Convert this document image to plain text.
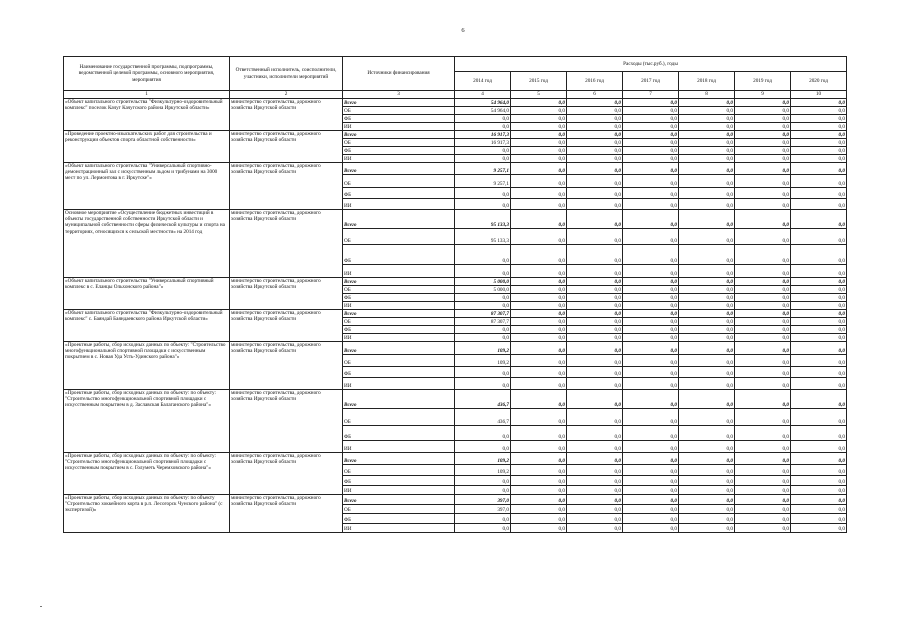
6
Наименование государственной программы, подпрограммы, ведомственной целевой программы, основного мероприятия, мероприятия	Ответственный исполнитель, соисполнители, участники, исполнители мероприятий	Источники финансирования	Расходы (тыс.руб.), годы						
			2014 год	2015 год	2016 год	2017 год	2018 год	2019 год	2020 год
1	2	3	4	5	6	7	8	9	10
«Объект капитального строительства "Физкультурно-оздоровительный комплекс" поселок Качуг Качугского района Иркутской области»	министерство строительства, дорожного хозяйства Иркутской области	Всего	54 964,0	0,0	0,0	0,0	0,0	0,0	0,0
		ОБ	54 964,0	0,0	0,0	0,0	0,0	0,0	0,0
		ФБ	0,0	0,0	0,0	0,0	0,0	0,0	0,0
		ИИ	0,0	0,0	0,0	0,0	0,0	0,0	0,0
«Проведение проектно-изыскательских работ для строительства и реконструкции объектов спорта областной собственности»	министерство строительства, дорожного хозяйства Иркутской области	Всего	16 917,3	0,0	0,0	0,0	0,0	0,0	0,0
		ОБ	16 917,3	0,0	0,0	0,0	0,0	0,0	0,0
		ФБ	0,0	0,0	0,0	0,0	0,0	0,0	0,0
		ИИ	0,0	0,0	0,0	0,0	0,0	0,0	0,0
«Объект капитального строительства "Универсальный спортивно-демонстрационный зал с искусственным льдом и трибунами на 3000 мест по ул. Лермонтова в г. Иркутске"»	министерство строительства, дорожного хозяйства Иркутской области	Всего	9 257,1	0,0	0,0	0,0	0,0	0,0	0,0
		ОБ	9 257,1	0,0	0,0	0,0	0,0	0,0	0,0
		ФБ	0,0	0,0	0,0	0,0	0,0	0,0	0,0
		ИИ	0,0	0,0	0,0	0,0	0,0	0,0	0,0
Основное мероприятие «Осуществление бюджетных инвестиций в объекты государственной собственности Иркутской области и муниципальной собственности сферы физической культуры и спорта на территориях, относящихся к сельской местности» на 2014 год	министерство строительства, дорожного хозяйства Иркутской области	Всего	95 133,3	0,0	0,0	0,0	0,0	0,0	0,0
		ОБ	95 133,3	0,0	0,0	0,0	0,0	0,0	0,0
		ФБ	0,0	0,0	0,0	0,0	0,0	0,0	0,0
		ИИ	0,0	0,0	0,0	0,0	0,0	0,0	0,0
«Объект капитального строительства "Универсальный спортивный комплекс в с. Еланцы Ольхонского района"»	министерство строительства, дорожного хозяйства Иркутской области	Всего	5 000,0	0,0	0,0	0,0	0,0	0,0	0,0
		ОБ	5 000,0	0,0	0,0	0,0	0,0	0,0	0,0
		ФБ	0,0	0,0	0,0	0,0	0,0	0,0	0,0
		ИИ	0,0	0,0	0,0	0,0	0,0	0,0	0,0
«Объект капитального строительства "Физкультурно-оздоровительный комплекс" с. Баяндай Баяндаевского района Иркутской области»	министерство строительства, дорожного хозяйства Иркутской области	Всего	87 307,7	0,0	0,0	0,0	0,0	0,0	0,0
		ОБ	87 307,7	0,0	0,0	0,0	0,0	0,0	0,0
		ФБ	0,0	0,0	0,0	0,0	0,0	0,0	0,0
		ИИ	0,0	0,0	0,0	0,0	0,0	0,0	0,0
«Проектные работы, сбор исходных данных по объекту: "Строительство многофункциональной спортивной площадки с искусственным покрытием в с. Новая Уда Усть-Удинского района"»	министерство строительства, дорожного хозяйства Иркутской области	Всего	109,2	0,0	0,0	0,0	0,0	0,0	0,0
		ОБ	109,2	0,0	0,0	0,0	0,0	0,0	0,0
		ФБ	0,0	0,0	0,0	0,0	0,0	0,0	0,0
		ИИ	0,0	0,0	0,0	0,0	0,0	0,0	0,0
«Проектные работы, сбор исходных данных по объекту: по объекту: "Строительство многофункциональной спортивной площадки с искусственным покрытием в д. Заславская Балаганского района"»	министерство строительства, дорожного хозяйства Иркутской области	Всего	436,7	0,0	0,0	0,0	0,0	0,0	0,0
		ОБ	436,7	0,0	0,0	0,0	0,0	0,0	0,0
		ФБ	0,0	0,0	0,0	0,0	0,0	0,0	0,0
		ИИ	0,0	0,0	0,0	0,0	0,0	0,0	0,0
«Проектные работы, сбор исходных данных по объекту: по объекту: "Строительство многофункциональной спортивной площадки с искусственным покрытием в с. Голуметь Черемховского района"»	министерство строительства, дорожного хозяйства Иркутской области	Всего	109,2	0,0	0,0	0,0	0,0	0,0	0,0
		ОБ	109,2	0,0	0,0	0,0	0,0	0,0	0,0
		ФБ	0,0	0,0	0,0	0,0	0,0	0,0	0,0
		ИИ	0,0	0,0	0,0	0,0	0,0	0,0	0,0
«Проектные работы, сбор исходных данных по объекту: по объекту "Строительство хоккейного корта в р.п. Лесогорск Чунского района" (с экспертизой)»	министерство строительства, дорожного хозяйства Иркутской области	Всего	397,0	0,0	0,0	0,0	0,0	0,0	0,0
		ОБ	397,0	0,0	0,0	0,0	0,0	0,0	0,0
		ФБ	0,0	0,0	0,0	0,0	0,0	0,0	0,0
		ИИ	0,0	0,0	0,0	0,0	0,0	0,0	0,0
